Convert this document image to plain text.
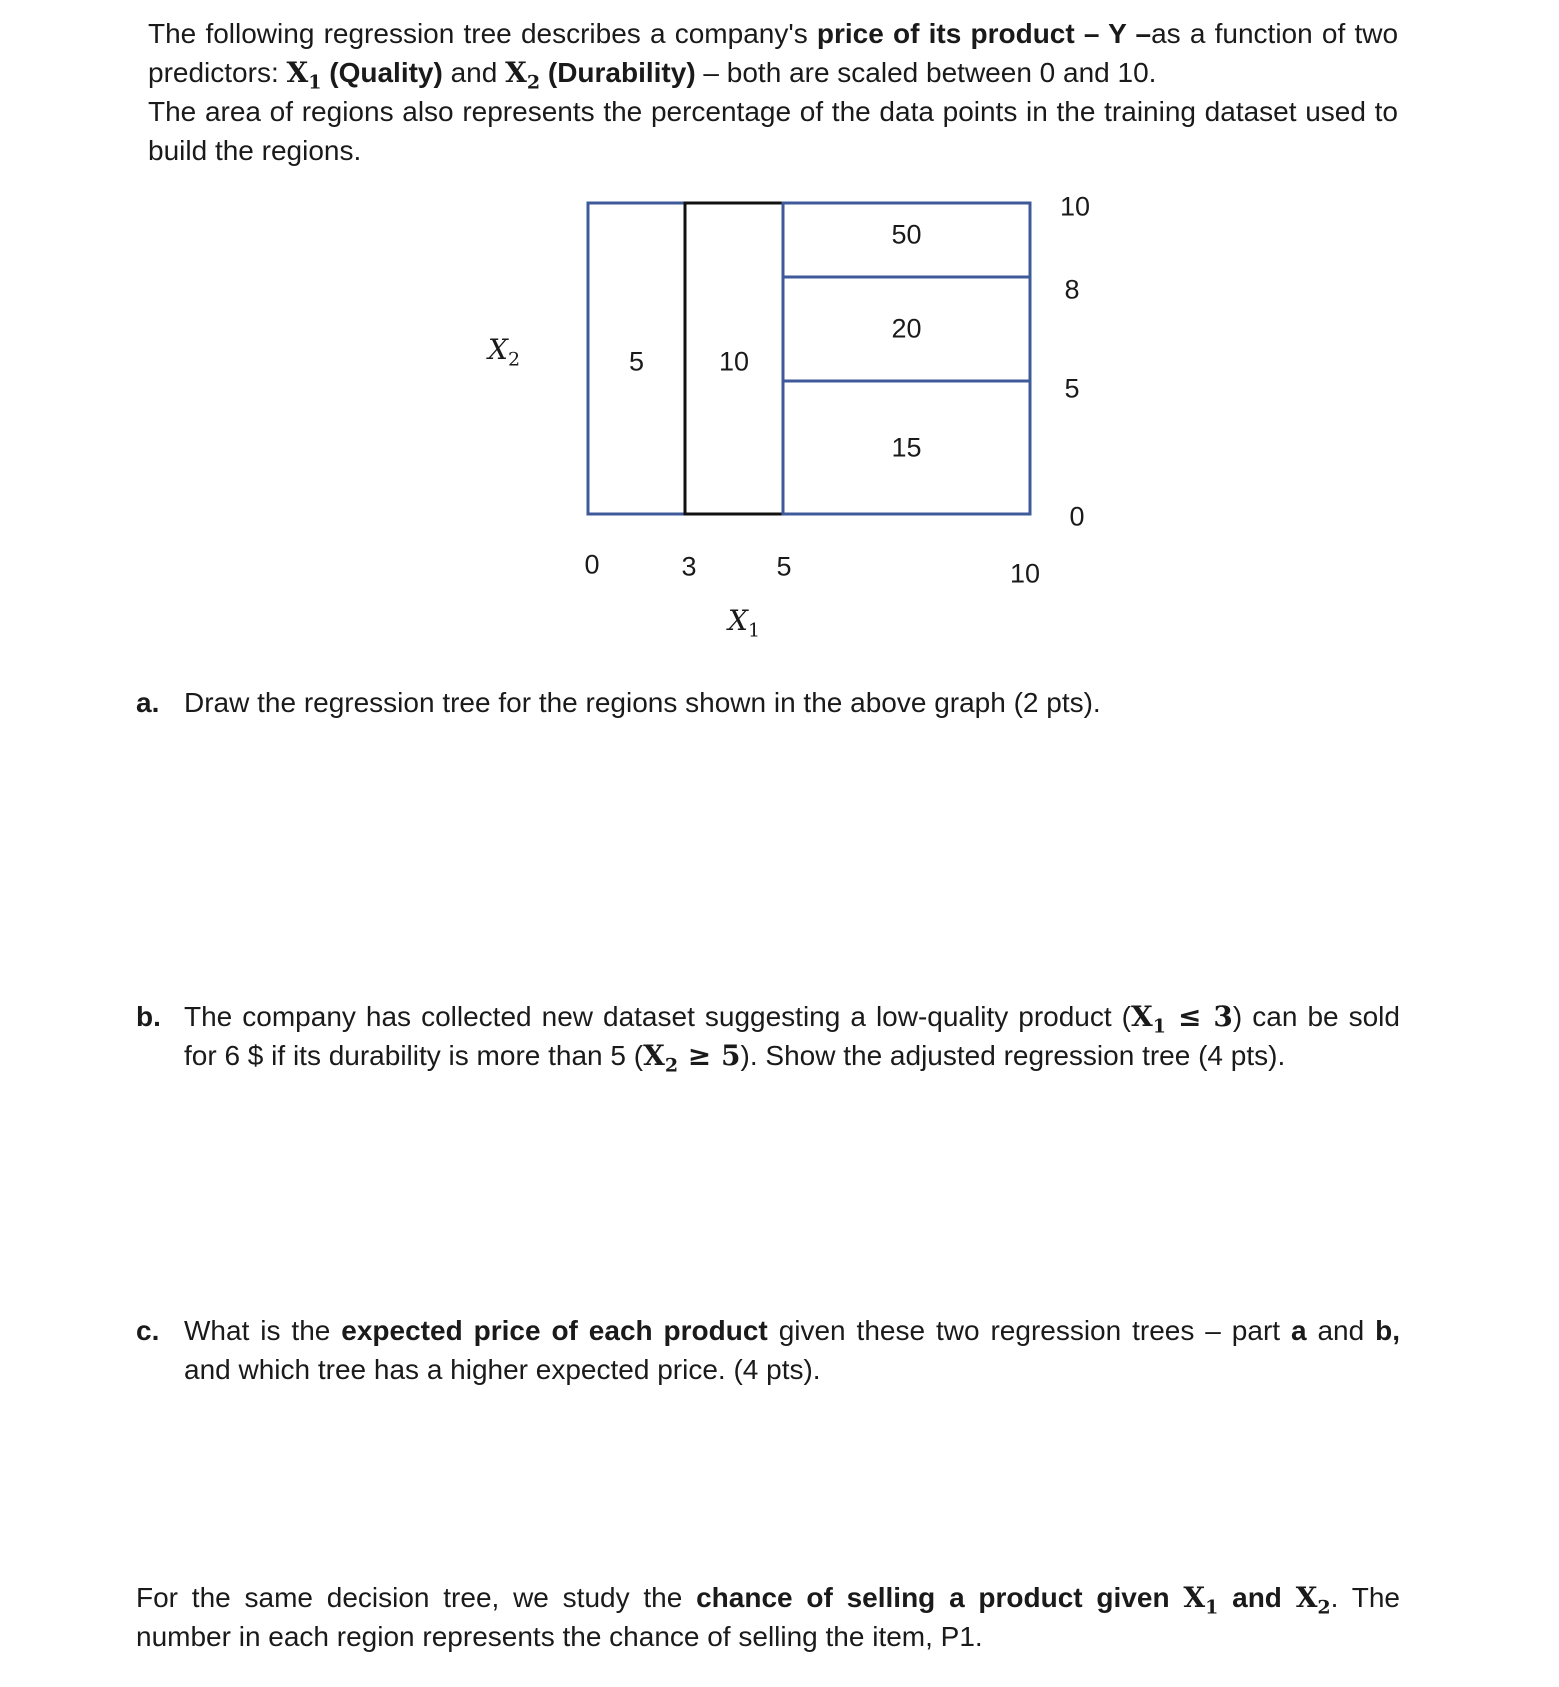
The following regression tree describes a company's price of its product – Y –as a function of two predictors: $X_1$ (Quality) and $X_2$ (Durability) – both are scaled between 0 and 10.
The area of regions also represents the percentage of the data points in the training dataset used to build the regions.
5	10
50
20
15
0	3	5	10
10
8
5
0
$X_2$
$X_1$
a. Draw the regression tree for the regions shown in the above graph (2 pts).
b. The company has collected new dataset suggesting a low-quality product $(X_1 \le 3)$ can be sold for 6 $ if its durability is more than 5 $(X_2 \ge 5)$. Show the adjusted regression tree (4 pts).
c. What is the expected price of each product given these two regression trees – part a and b, and which tree has a higher expected price. (4 pts).
For the same decision tree, we study the chance of selling a product given $X_1$ and $X_2$. The number in each region represents the chance of selling the item, P1.
